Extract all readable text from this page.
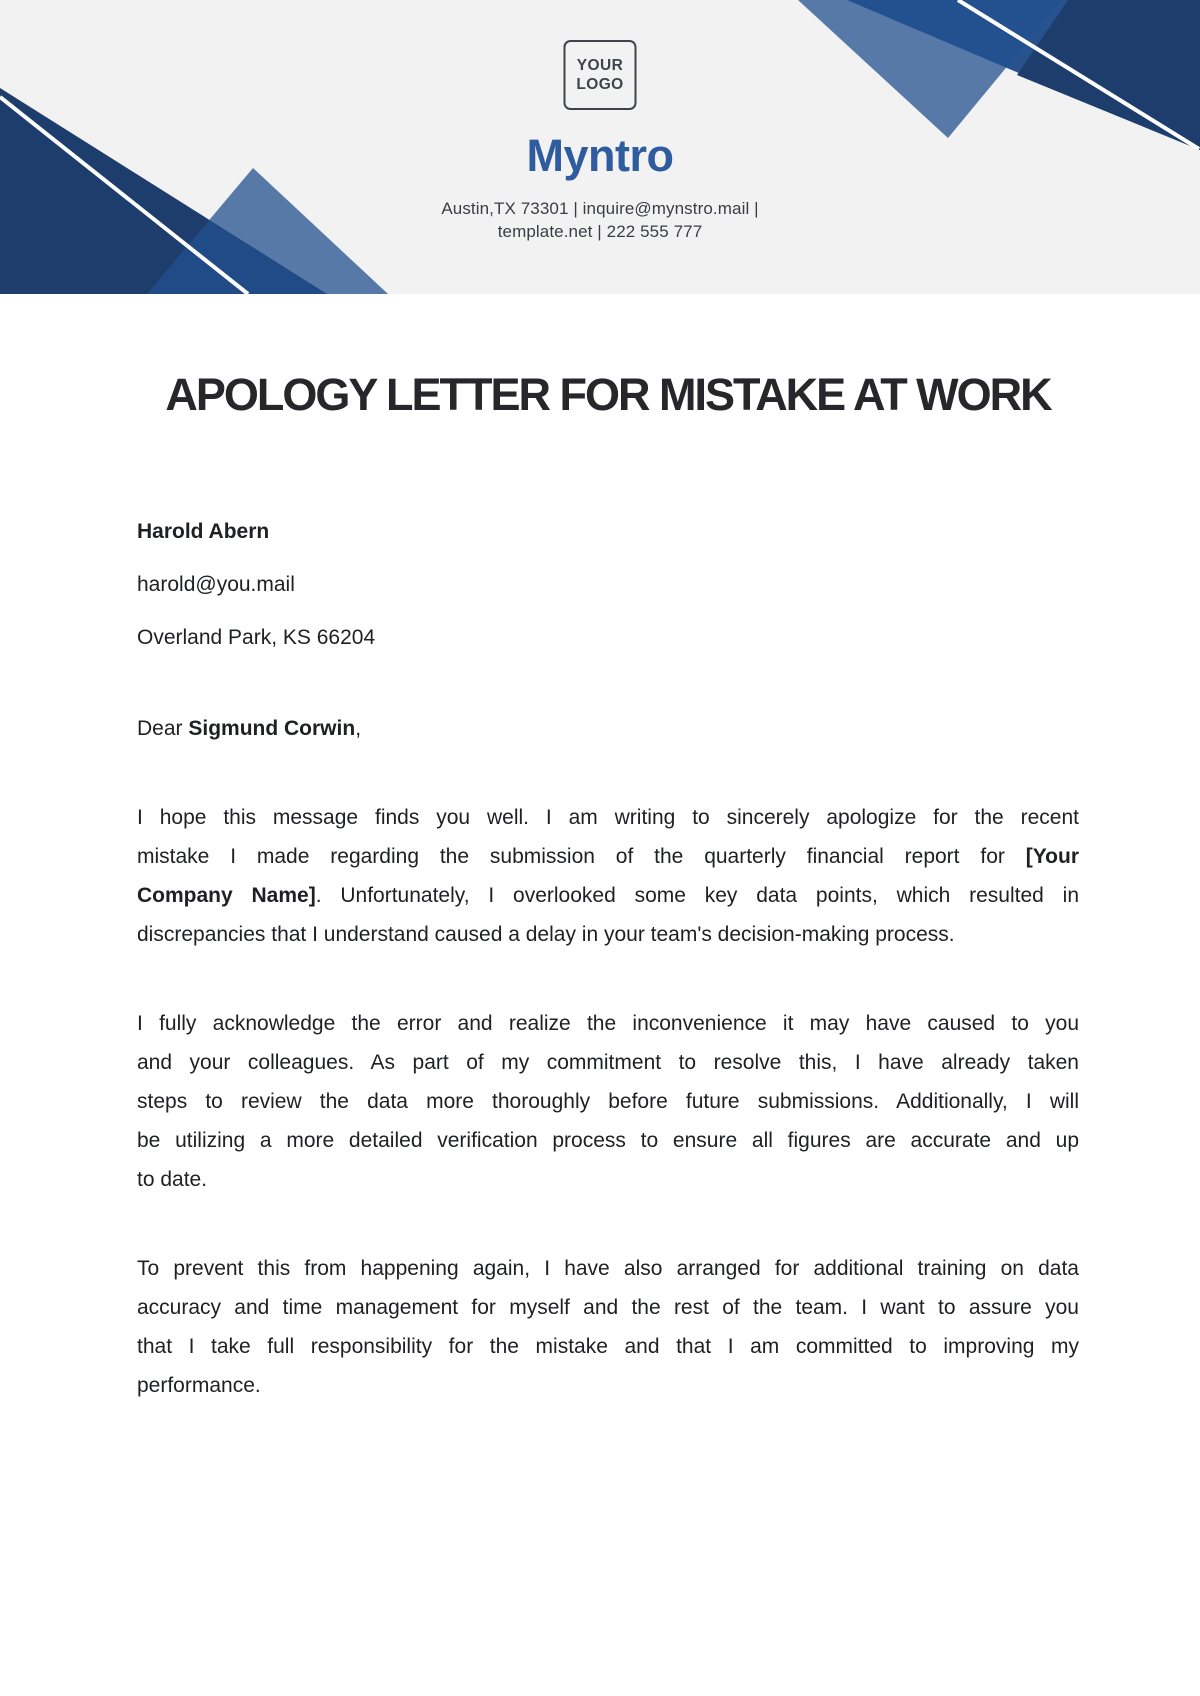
YOUR
LOGO
Myntro
Austin,TX 73301 | inquire@mynstro.mail |
template.net | 222 555 777
APOLOGY LETTER FOR MISTAKE AT WORK

Harold Abern

harold@you.mail

Overland Park, KS 66204

Dear Sigmund Corwin,

I hope this message finds you well. I am writing to sincerely apologize for the recent
mistake I made regarding the submission of the quarterly financial report for [Your
Company Name]. Unfortunately, I overlooked some key data points, which resulted in
discrepancies that I understand caused a delay in your team's decision-making process.
I fully acknowledge the error and realize the inconvenience it may have caused to you
and your colleagues. As part of my commitment to resolve this, I have already taken
steps to review the data more thoroughly before future submissions. Additionally, I will
be utilizing a more detailed verification process to ensure all figures are accurate and up
to date.
To prevent this from happening again, I have also arranged for additional training on data
accuracy and time management for myself and the rest of the team. I want to assure you
that I take full responsibility for the mistake and that I am committed to improving my
performance.
